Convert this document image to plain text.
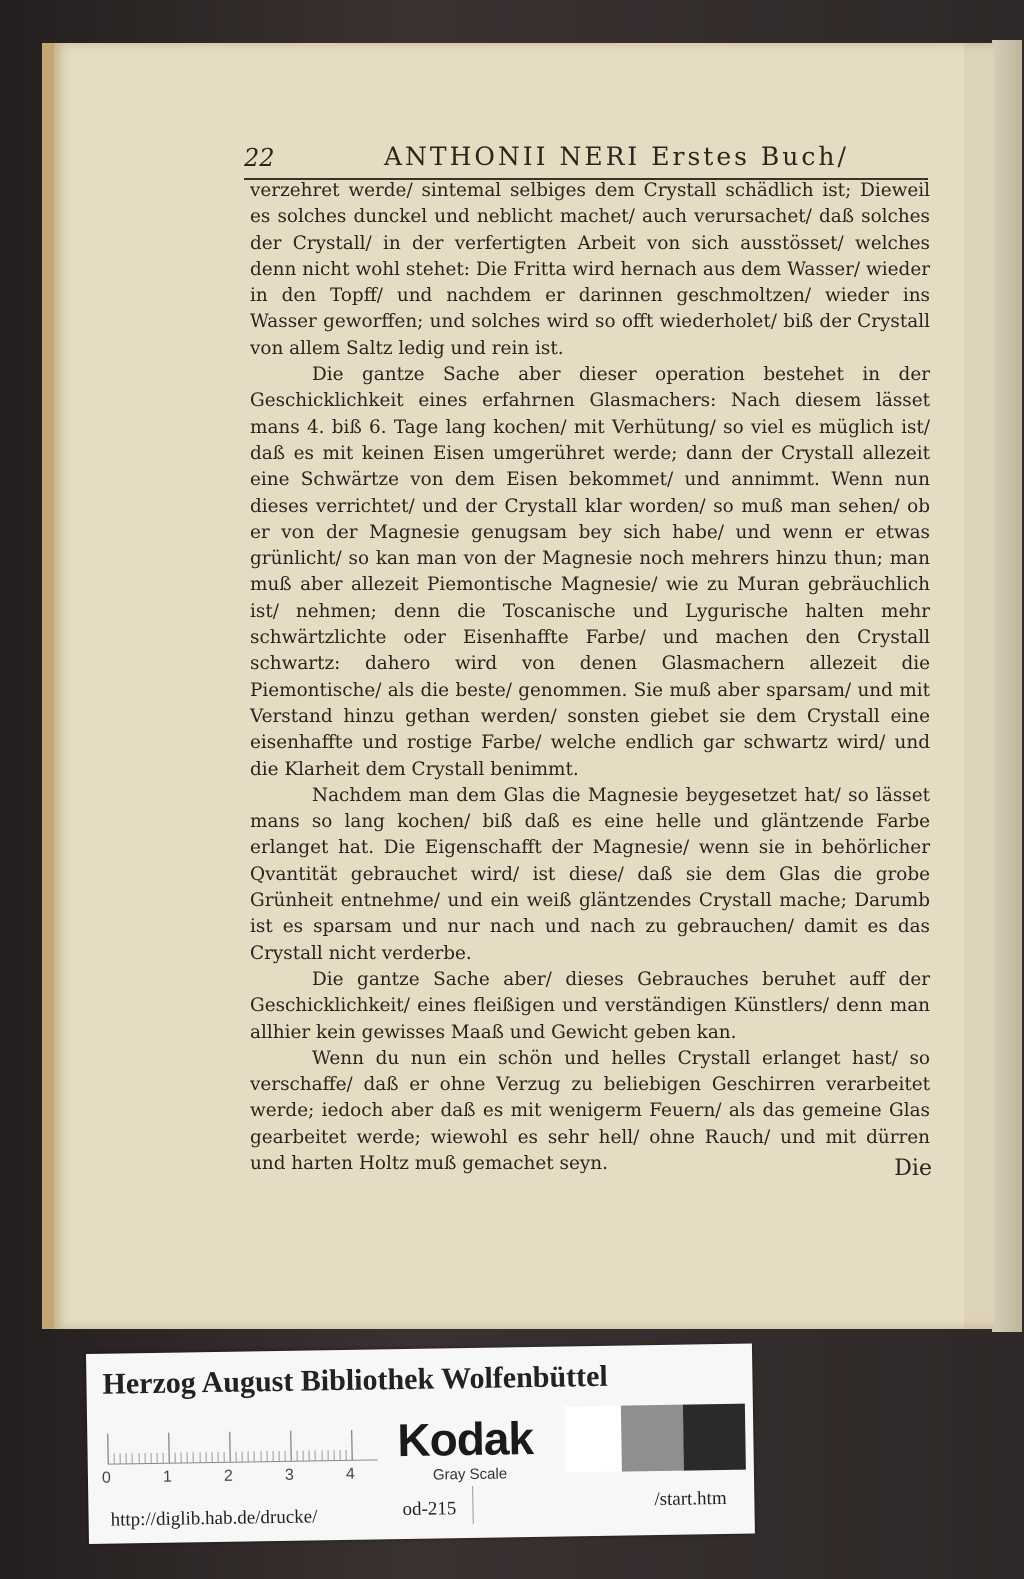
22	ANTHONII NERI Erstes Buch/

verzehret werde/ sintemal selbiges dem Crystall schädlich ist; Dieweil es solches dunckel und neblicht machet/ auch verursachet/ daß solches der Crystall/ in der verfertigten Arbeit von sich ausstösset/ welches denn nicht wohl stehet: Die Fritta wird hernach aus dem Wasser/ wieder in den Topff/ und nachdem er darinnen geschmoltzen/ wieder ins Wasser geworffen; und solches wird so offt wiederholet/ biß der Crystall von allem Saltz ledig und rein ist.

Die gantze Sache aber dieser operation bestehet in der Geschicklichkeit eines erfahrnen Glasmachers: Nach diesem lässet mans 4. biß 6. Tage lang kochen/ mit Verhütung/ so viel es müglich ist/ daß es mit keinen Eisen umgerühret werde; dann der Crystall allezeit eine Schwärtze von dem Eisen bekommet/ und annimmt. Wenn nun dieses verrichtet/ und der Crystall klar worden/ so muß man sehen/ ob er von der Magnesie genugsam bey sich habe/ und wenn er etwas grünlicht/ so kan man von der Magnesie noch mehrers hinzu thun; man muß aber allezeit Piemontische Magnesie/ wie zu Muran gebräuchlich ist/ nehmen; denn die Toscanische und Lygurische halten mehr schwärtzlichte oder Eisenhaffte Farbe/ und machen den Crystall schwartz: dahero wird von denen Glasmachern allezeit die Piemontische/ als die beste/ genommen. Sie muß aber sparsam/ und mit Verstand hinzu gethan werden/ sonsten giebet sie dem Crystall eine eisenhaffte und rostige Farbe/ welche endlich gar schwartz wird/ und die Klarheit dem Crystall benimmt.

Nachdem man dem Glas die Magnesie beygesetzet hat/ so lässet mans so lang kochen/ biß daß es eine helle und gläntzende Farbe erlanget hat. Die Eigenschafft der Magnesie/ wenn sie in behörlicher Qvantität gebrauchet wird/ ist diese/ daß sie dem Glas die grobe Grünheit entnehme/ und ein weiß gläntzendes Crystall mache; Darumb ist es sparsam und nur nach und nach zu gebrauchen/ damit es das Crystall nicht verderbe.

Die gantze Sache aber/ dieses Gebrauches beruhet auff der Geschicklichkeit/ eines fleißigen und verständigen Künstlers/ denn man allhier kein gewisses Maaß und Gewicht geben kan.

Wenn du nun ein schön und helles Crystall erlanget hast/ so verschaffe/ daß er ohne Verzug zu beliebigen Geschirren verarbeitet werde; iedoch aber daß es mit wenigerm Feuern/ als das gemeine Glas gearbeitet werde; wiewohl es sehr hell/ ohne Rauch/ und mit dürren und harten Holtz muß gemachet seyn.	Die
Herzog August Bibliothek Wolfenbüttel
0	1	2	3	4
Kodak
Gray Scale
http://diglib.hab.de/drucke/	od-215	/start.htm
